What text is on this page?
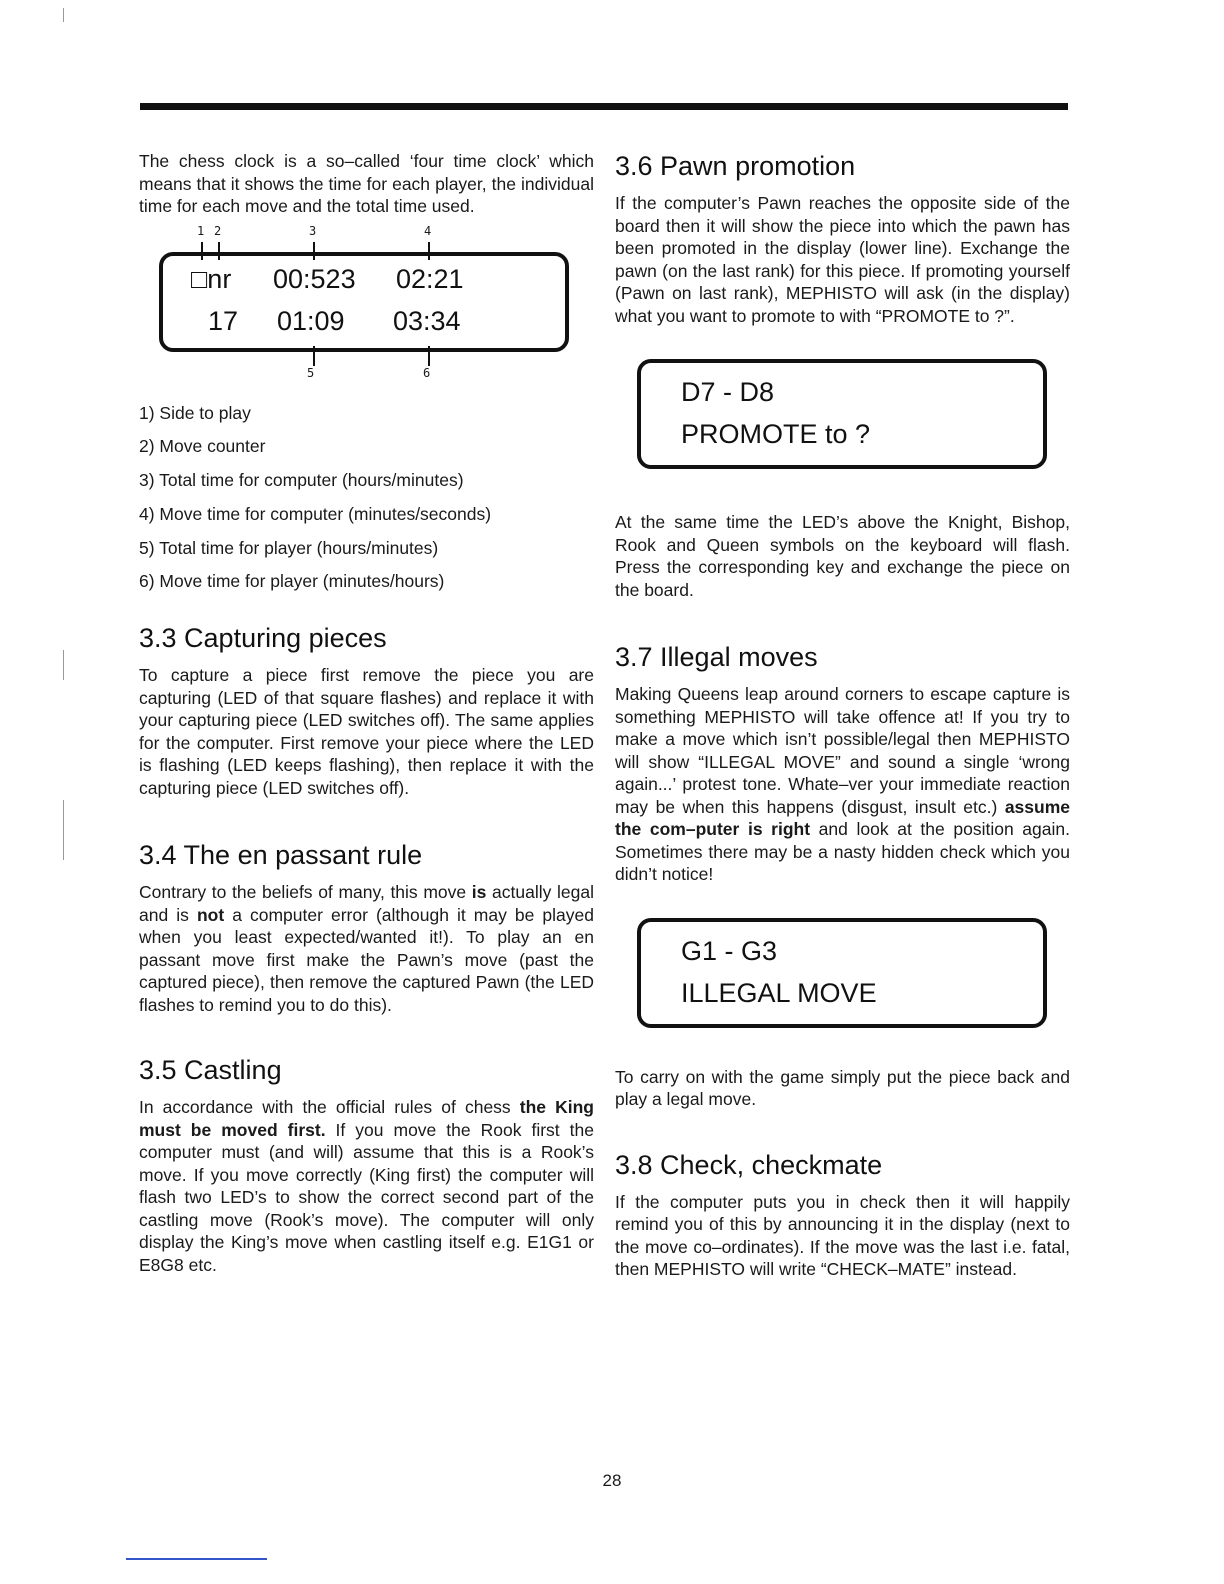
The chess clock is a so–called ‘four time clock’ which means that it shows the time for each player, the individual time for each move and the total time used.

1 2	3	4
□nr 00:523 02:21
17 01:09 03:34
5	6
1) Side to play
2) Move counter
3) Total time for computer (hours/minutes)
4) Move time for computer (minutes/seconds)
5) Total time for player (hours/minutes)
6) Move time for player (minutes/hours)
3.3 Capturing pieces

To capture a piece first remove the piece you are capturing (LED of that square flashes) and replace it with your capturing piece (LED switches off). The same applies for the computer. First remove your piece where the LED is flashing (LED keeps flashing), then replace it with the capturing piece (LED switches off).

3.4 The en passant rule

Contrary to the beliefs of many, this move is actually legal and is not a computer error (although it may be played when you least expected/wanted it!). To play an en passant move first make the Pawn’s move (past the captured piece), then remove the captured Pawn (the LED flashes to remind you to do this).

3.5 Castling

In accordance with the official rules of chess the King must be moved first. If you move the Rook first the computer must (and will) assume that this is a Rook’s move. If you move correctly (King first) the computer will flash two LED’s to show the correct second part of the castling move (Rook’s move). The computer will only display the King’s move when castling itself e.g. E1G1 or E8G8 etc.

3.6 Pawn promotion

If the computer’s Pawn reaches the opposite side of the board then it will show the piece into which the pawn has been promoted in the display (lower line). Exchange the pawn (on the last rank) for this piece. If promoting yourself (Pawn on last rank), MEPHISTO will ask (in the display) what you want to promote to with “PROMOTE to ?”.

D7 - D8
PROMOTE to ?

At the same time the LED’s above the Knight, Bishop, Rook and Queen symbols on the keyboard will flash. Press the corresponding key and exchange the piece on the board.

3.7 Illegal moves

Making Queens leap around corners to escape capture is something MEPHISTO will take offence at! If you try to make a move which isn’t possible/legal then MEPHISTO will show “ILLEGAL MOVE” and sound a single ‘wrong again...’ protest tone. Whate–ver your immediate reaction may be when this happens (disgust, insult etc.) assume the com–puter is right and look at the position again. Sometimes there may be a nasty hidden check which you didn’t notice!

G1 - G3
ILLEGAL MOVE

To carry on with the game simply put the piece back and play a legal move.

3.8 Check, checkmate

If the computer puts you in check then it will happily remind you of this by announcing it in the display (next to the move co–ordinates). If the move was the last i.e. fatal, then MEPHISTO will write “CHECK–MATE” instead.

28
